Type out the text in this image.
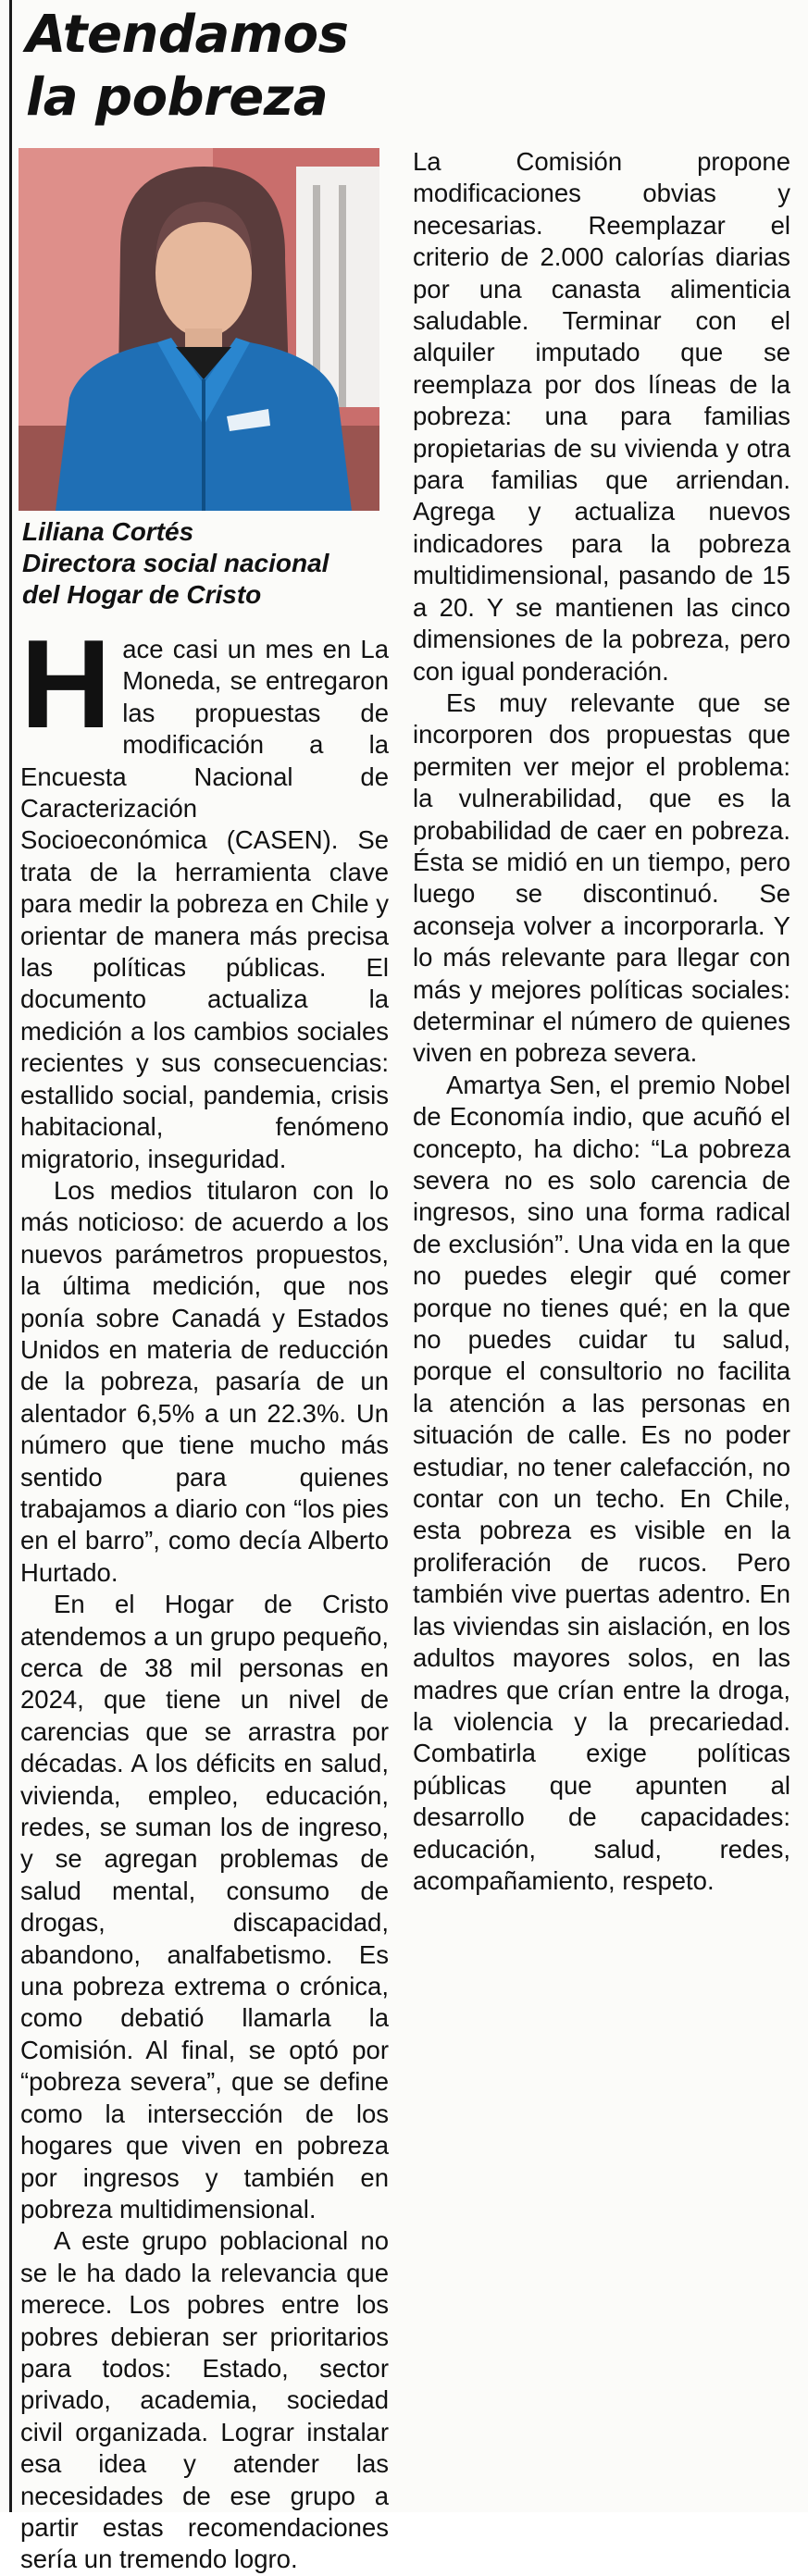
Atendamos la pobreza
Liliana Cortés
Directora social nacional
del Hogar de Cristo

Hace casi un mes en La Moneda, se entregaron las propuestas de modificación a la Encuesta Nacional de Caracterización Socioeconómica (CASEN). Se trata de la herramienta clave para medir la pobreza en Chile y orientar de manera más precisa las políticas públicas. El documento actualiza la medición a los cambios sociales recientes y sus consecuencias: estallido social, pandemia, crisis habitacional, fenómeno migratorio, inseguridad.

Los medios titularon con lo más noticioso: de acuerdo a los nuevos parámetros propuestos, la última medición, que nos ponía sobre Canadá y Estados Unidos en materia de reducción de la pobreza, pasaría de un alentador 6,5% a un 22.3%. Un número que tiene mucho más sentido para quienes trabajamos a diario con “los pies en el barro”, como decía Alberto Hurtado.

En el Hogar de Cristo atendemos a un grupo pequeño, cerca de 38 mil personas en 2024, que tiene un nivel de carencias que se arrastra por décadas. A los déficits en salud, vivienda, empleo, educación, redes, se suman los de ingreso, y se agregan problemas de salud mental, consumo de drogas, discapacidad, abandono, analfabetismo. Es una pobreza extrema o crónica, como debatió llamarla la Comisión. Al final, se optó por “pobreza severa”, que se define como la intersección de los hogares que viven en pobreza por ingresos y también en pobreza multidimensional.

A este grupo poblacional no se le ha dado la relevancia que merece. Los pobres entre los pobres debieran ser prioritarios para todos: Estado, sector privado, academia, sociedad civil organizada. Lograr instalar esa idea y atender las necesidades de ese grupo a partir estas recomendaciones sería un tremendo logro.

La Comisión propone modificaciones obvias y necesarias. Reemplazar el criterio de 2.000 calorías diarias por una canasta alimenticia saludable. Terminar con el alquiler imputado que se reemplaza por dos líneas de la pobreza: una para familias propietarias de su vivienda y otra para familias que arriendan. Agrega y actualiza nuevos indicadores para la pobreza multidimensional, pasando de 15 a 20. Y se mantienen las cinco dimensiones de la pobreza, pero con igual ponderación.

Es muy relevante que se incorporen dos propuestas que permiten ver mejor el problema: la vulnerabilidad, que es la probabilidad de caer en pobreza. Ésta se midió en un tiempo, pero luego se discontinuó. Se aconseja volver a incorporarla. Y lo más relevante para llegar con más y mejores políticas sociales: determinar el número de quienes viven en pobreza severa.

Amartya Sen, el premio Nobel de Economía indio, que acuñó el concepto, ha dicho: “La pobreza severa no es solo carencia de ingresos, sino una forma radical de exclusión”. Una vida en la que no puedes elegir qué comer porque no tienes qué; en la que no puedes cuidar tu salud, porque el consultorio no facilita la atención a las personas en situación de calle. Es no poder estudiar, no tener calefacción, no contar con un techo. En Chile, esta pobreza es visible en la proliferación de rucos. Pero también vive puertas adentro. En las viviendas sin aislación, en los adultos mayores solos, en las madres que crían entre la droga, la violencia y la precariedad. Combatirla exige políticas públicas que apunten al desarrollo de capacidades: educación, salud, redes, acompañamiento, respeto.
